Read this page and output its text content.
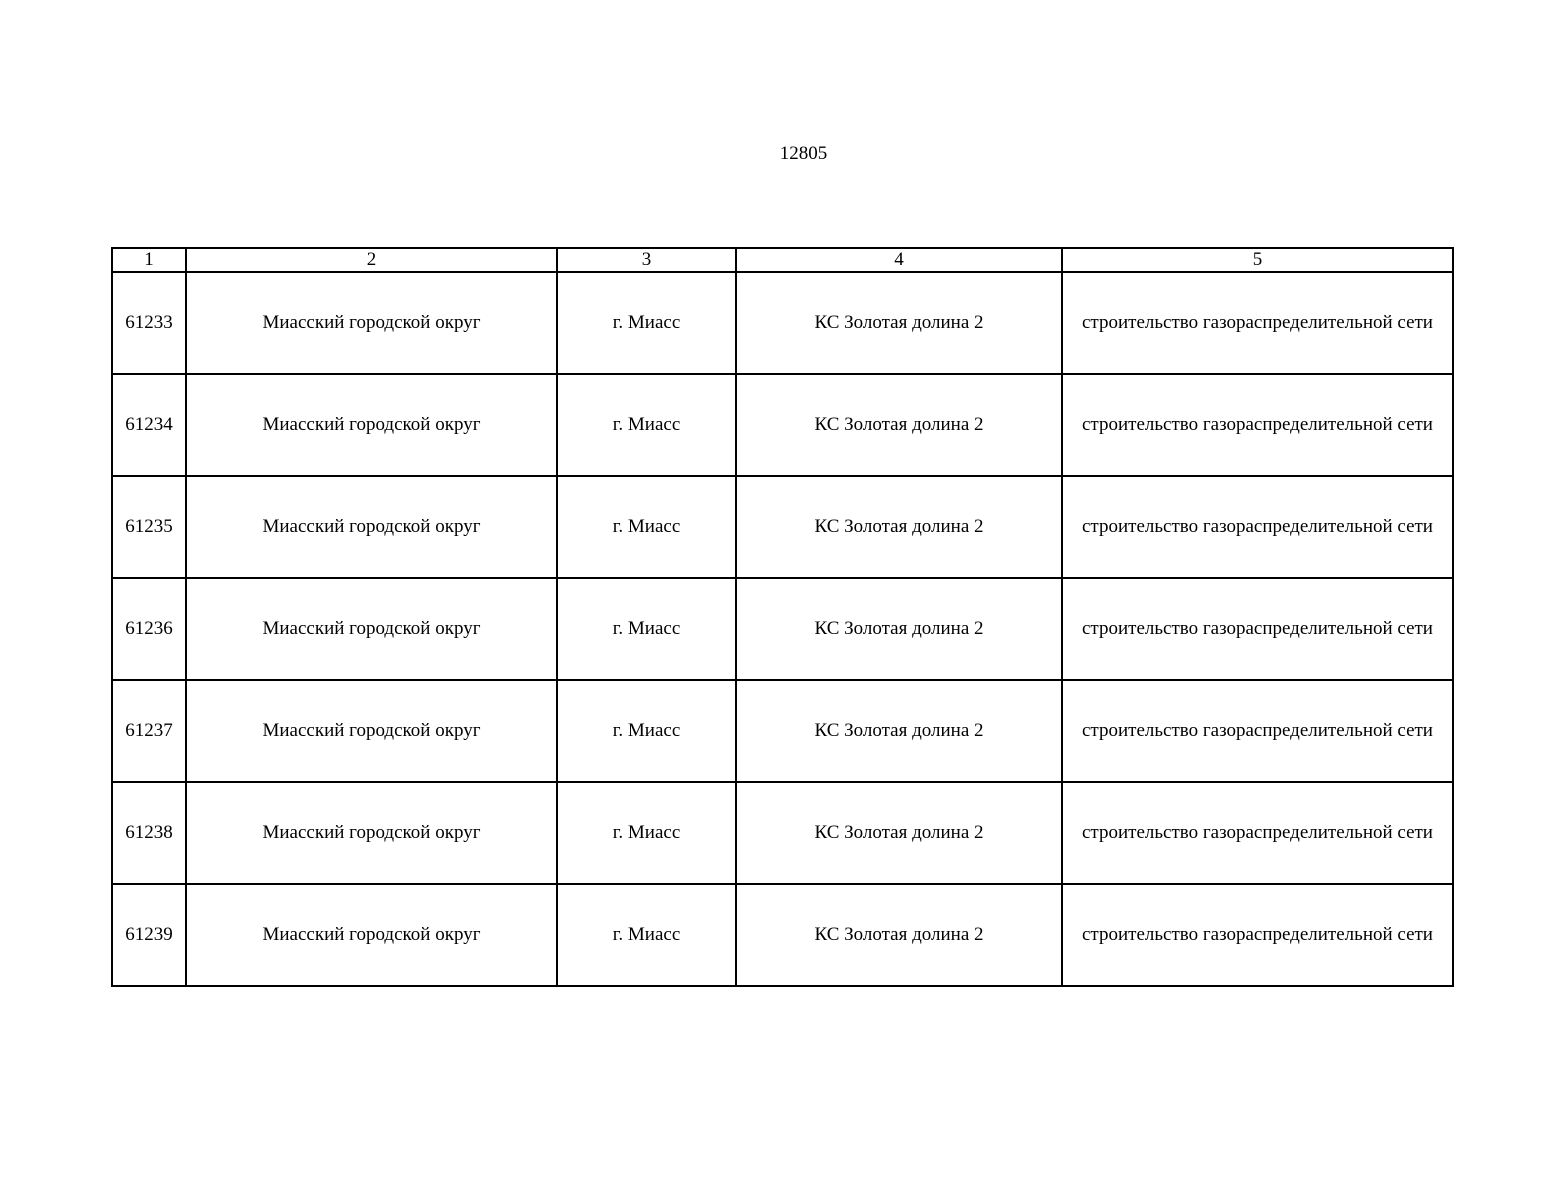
12805
1	2	3	4	5
61233	Миасский городской округ	г. Миасс	КС Золотая долина 2	строительство газораспределительной сети
61234	Миасский городской округ	г. Миасс	КС Золотая долина 2	строительство газораспределительной сети
61235	Миасский городской округ	г. Миасс	КС Золотая долина 2	строительство газораспределительной сети
61236	Миасский городской округ	г. Миасс	КС Золотая долина 2	строительство газораспределительной сети
61237	Миасский городской округ	г. Миасс	КС Золотая долина 2	строительство газораспределительной сети
61238	Миасский городской округ	г. Миасс	КС Золотая долина 2	строительство газораспределительной сети
61239	Миасский городской округ	г. Миасс	КС Золотая долина 2	строительство газораспределительной сети
